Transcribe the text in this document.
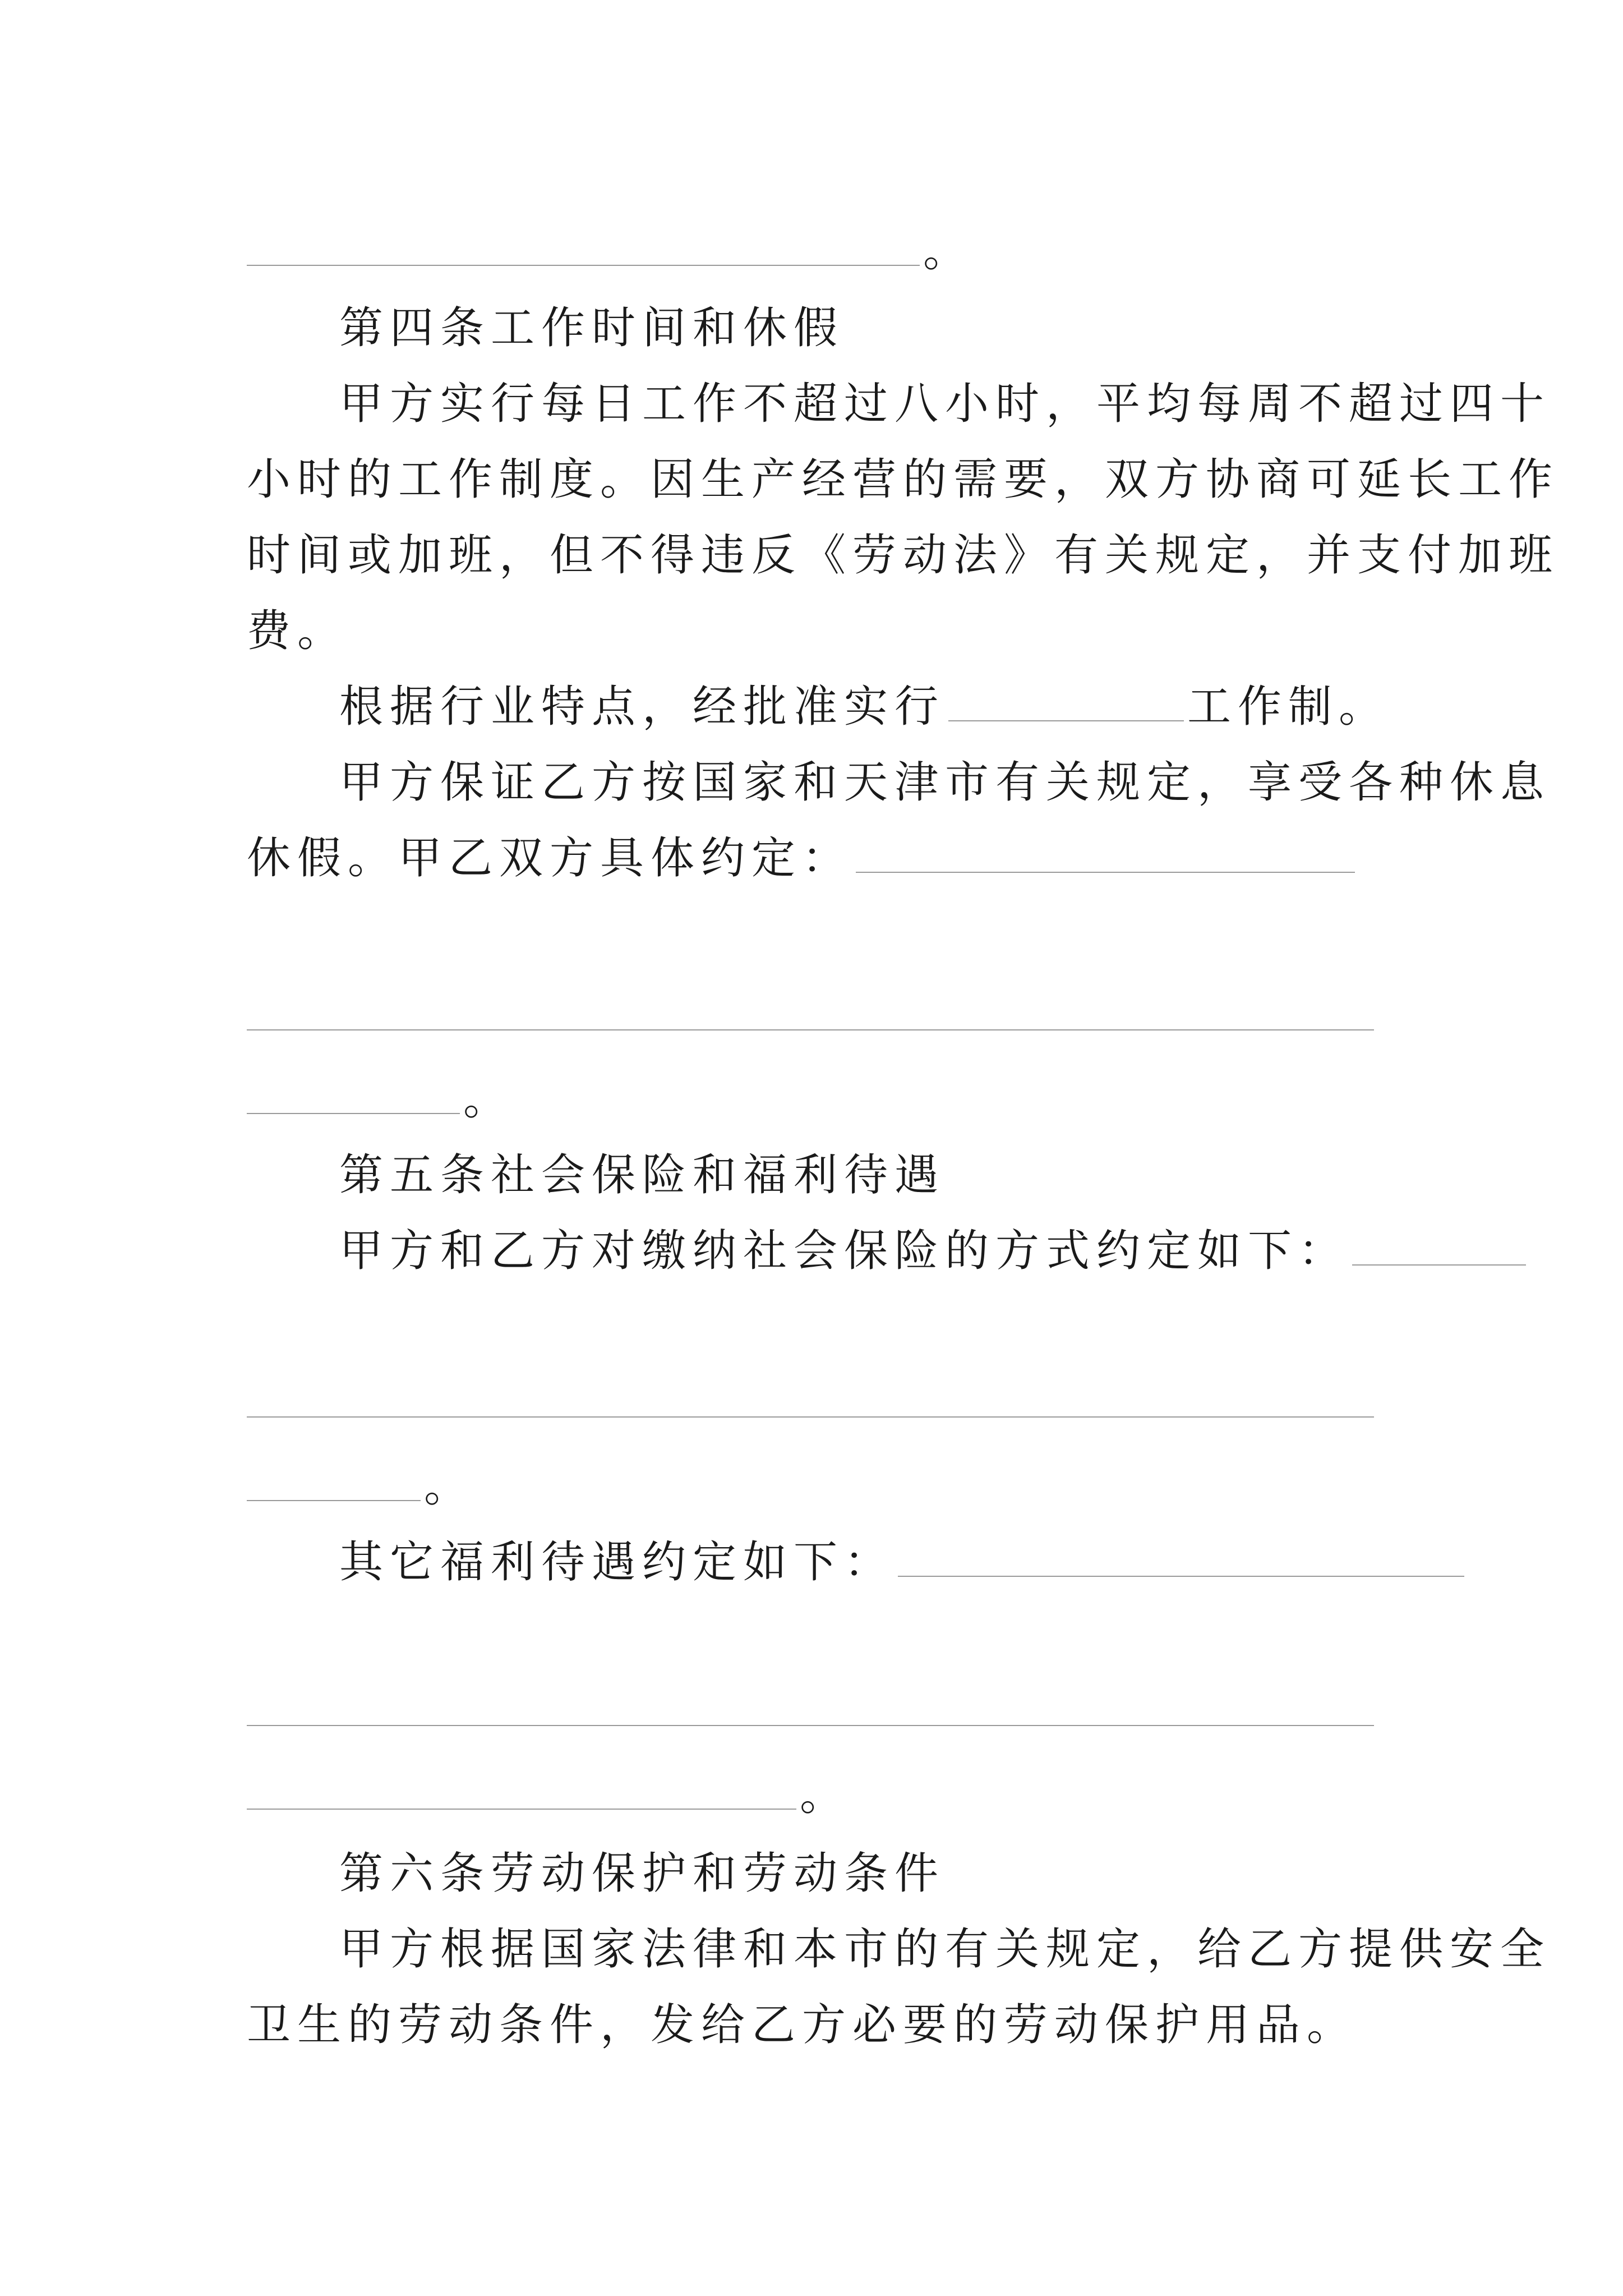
。
第四条工作时间和休假
甲方实行每日工作不超过八小时，平均每周不超过四十
小时的工作制度。因生产经营的需要，双方协商可延长工作
时间或加班，但不得违反《劳动法》有关规定，并支付加班
费。
根据行业特点，经批准实行	工作制。
甲方保证乙方按国家和天津市有关规定，享受各种休息
休假。甲乙双方具体约定：
。
第五条社会保险和福利待遇
甲方和乙方对缴纳社会保险的方式约定如下：
。
其它福利待遇约定如下：
。
第六条劳动保护和劳动条件
甲方根据国家法律和本市的有关规定，给乙方提供安全
卫生的劳动条件，发给乙方必要的劳动保护用品。
